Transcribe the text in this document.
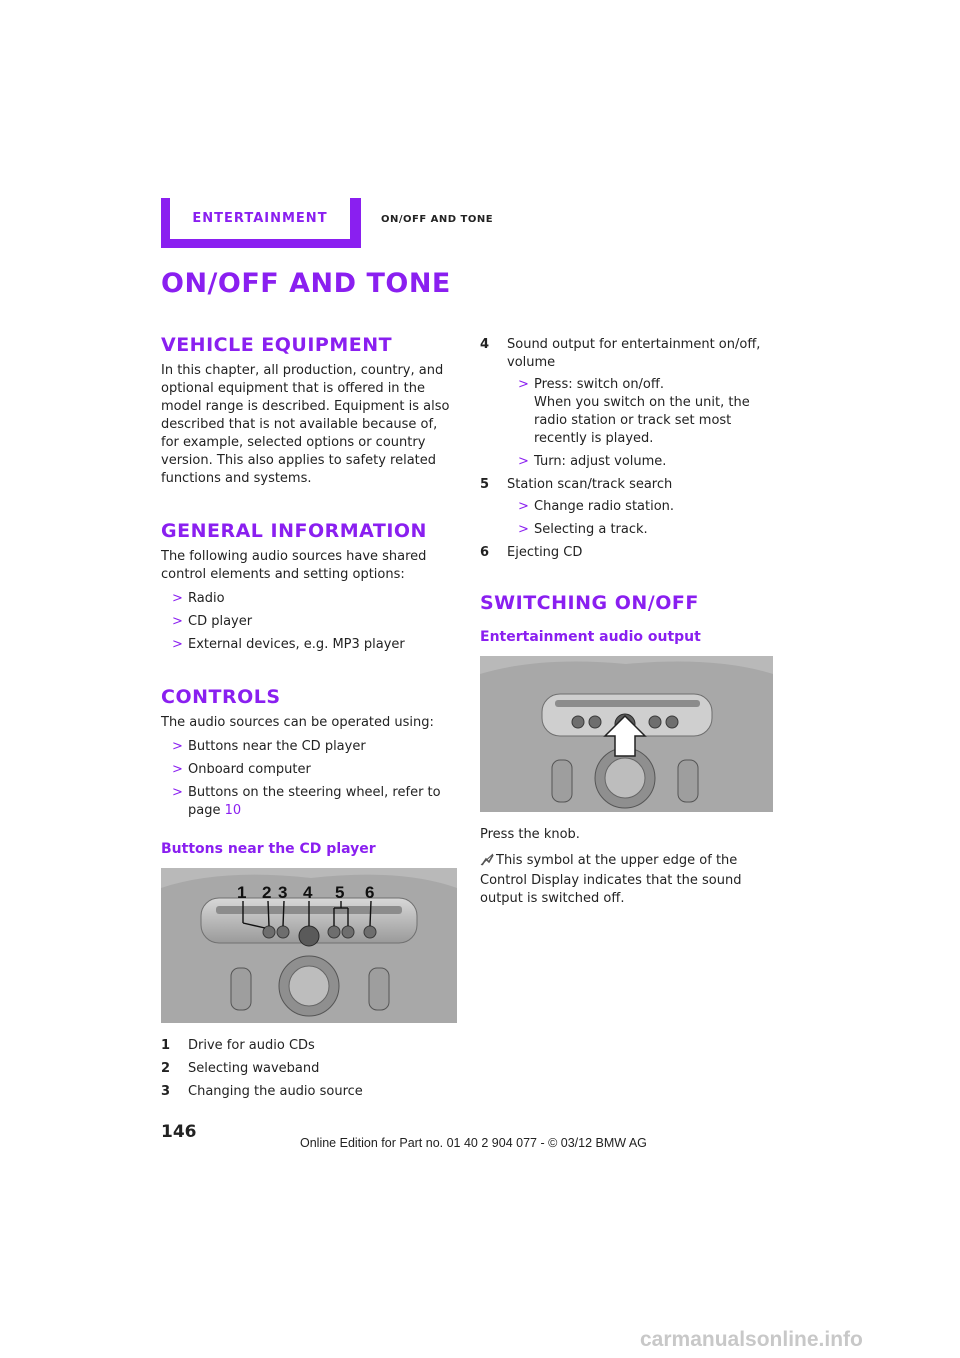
ENTERTAINMENT	ON/OFF AND TONE
ON/OFF AND TONE
VEHICLE EQUIPMENT

In this chapter, all production, country, and optional equipment that is offered in the model range is described. Equipment is also described that is not available because of, for example, selected options or country version. This also applies to safety related functions and systems.

GENERAL INFORMATION

The following audio sources have shared control elements and setting options:

> Radio
> CD player
> External devices, e.g. MP3 player
CONTROLS

The audio sources can be operated using:

> Buttons near the CD player
> Onboard computer
> Buttons on the steering wheel, refer to page 10
Buttons near the CD player
1 2 3 4 5 6
1 Drive for audio CDs
2 Selecting waveband
3 Changing the audio source
4 Sound output for entertainment on/off, volume
> Press: switch on/off.
When you switch on the unit, the radio station or track set most recently is played.
> Turn: adjust volume.
5 Station scan/track search
> Change radio station.
> Selecting a track.
6 Ejecting CD
SWITCHING ON/OFF
Entertainment audio output

Press the knob.

This symbol at the upper edge of the Control Display indicates that the sound output is switched off.

146
Online Edition for Part no. 01 40 2 904 077 - © 03/12 BMW AG
carmanualsonline.info
